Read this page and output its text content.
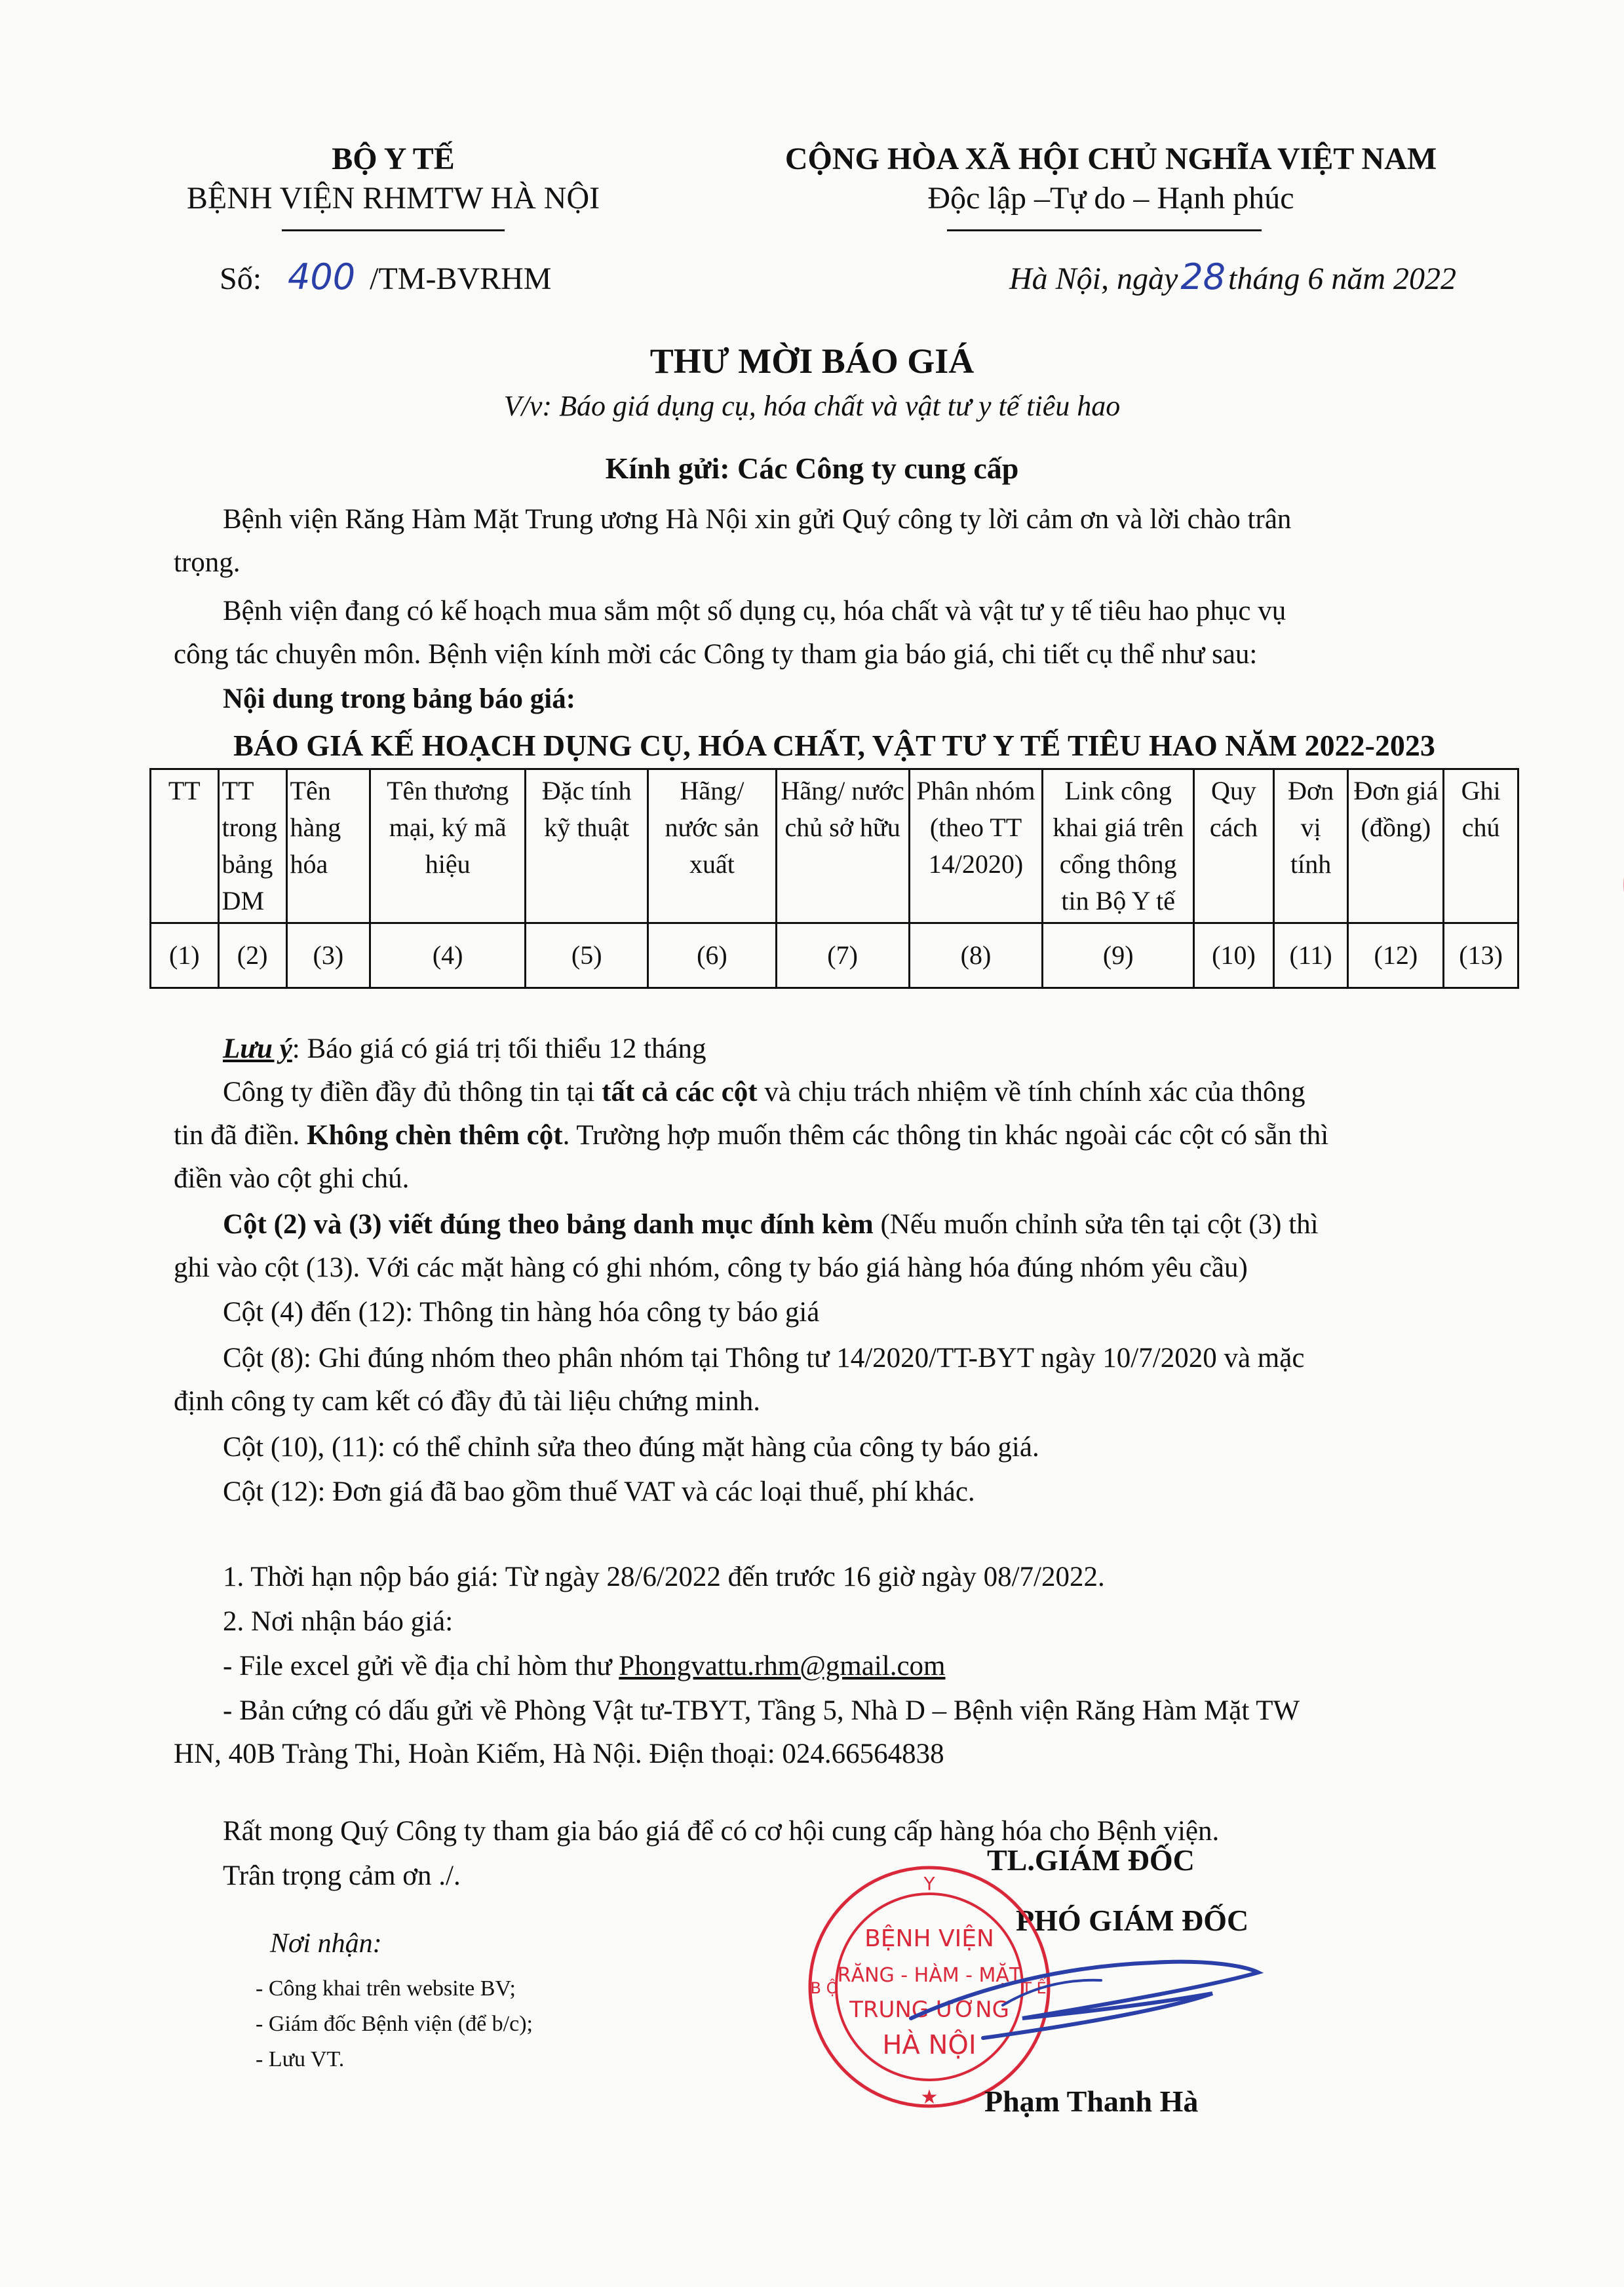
BỘ Y TẾ
BỆNH VIỆN RHMTW HÀ NỘI
Số: 400 /TM-BVRHM
CỘNG HÒA XÃ HỘI CHỦ NGHĨA VIỆT NAM
Độc lập –Tự do – Hạnh phúc
Hà Nội, ngày28tháng 6 năm 2022
THƯ MỜI BÁO GIÁ
V/v: Báo giá dụng cụ, hóa chất và vật tư y tế tiêu hao
Kính gửi: Các Công ty cung cấp
Bệnh viện Răng Hàm Mặt Trung ương Hà Nội xin gửi Quý công ty lời cảm ơn và lời chào trân
trọng.
Bệnh viện đang có kế hoạch mua sắm một số dụng cụ, hóa chất và vật tư y tế tiêu hao phục vụ
công tác chuyên môn. Bệnh viện kính mời các Công ty tham gia báo giá, chi tiết cụ thể như sau:
Nội dung trong bảng báo giá:
BÁO GIÁ KẾ HOẠCH DỤNG CỤ, HÓA CHẤT, VẬT TƯ Y TẾ TIÊU HAO NĂM 2022-2023
TT	TT trong bảng DM	Tên hàng hóa	Tên thương mại, ký mã hiệu	Đặc tính kỹ thuật	Hãng/ nước sản xuất	Hãng/ nước chủ sở hữu	Phân nhóm (theo TT 14/2020)	Link công khai giá trên cổng thông tin Bộ Y tế	Quy cách	Đơn vị tính	Đơn giá (đồng)	Ghi chú
(1)	(2)	(3)	(4)	(5)	(6)	(7)	(8)	(9)	(10)	(11)	(12)	(13)
Lưu ý: Báo giá có giá trị tối thiểu 12 tháng
Công ty điền đầy đủ thông tin tại tất cả các cột và chịu trách nhiệm về tính chính xác của thông
tin đã điền. Không chèn thêm cột. Trường hợp muốn thêm các thông tin khác ngoài các cột có sẵn thì
điền vào cột ghi chú.
Cột (2) và (3) viết đúng theo bảng danh mục đính kèm (Nếu muốn chỉnh sửa tên tại cột (3) thì
ghi vào cột (13). Với các mặt hàng có ghi nhóm, công ty báo giá hàng hóa đúng nhóm yêu cầu)
Cột (4) đến (12): Thông tin hàng hóa công ty báo giá
Cột (8): Ghi đúng nhóm theo phân nhóm tại Thông tư 14/2020/TT-BYT ngày 10/7/2020 và mặc
định công ty cam kết có đầy đủ tài liệu chứng minh.
Cột (10), (11): có thể chỉnh sửa theo đúng mặt hàng của công ty báo giá.
Cột (12): Đơn giá đã bao gồm thuế VAT và các loại thuế, phí khác.
1. Thời hạn nộp báo giá: Từ ngày 28/6/2022 đến trước 16 giờ ngày 08/7/2022.
2. Nơi nhận báo giá:
- File excel gửi về địa chỉ hòm thư Phongvattu.rhm@gmail.com
- Bản cứng có dấu gửi về Phòng Vật tư-TBYT, Tầng 5, Nhà D – Bệnh viện Răng Hàm Mặt TW
HN, 40B Tràng Thi, Hoàn Kiếm, Hà Nội. Điện thoại: 024.66564838
Rất mong Quý Công ty tham gia báo giá để có cơ hội cung cấp hàng hóa cho Bệnh viện.
Trân trọng cảm ơn ./.
Nơi nhận:
- Công khai trên website BV;
- Giám đốc Bệnh viện (để b/c);
- Lưu VT.
TL.GIÁM ĐỐC
PHÓ GIÁM ĐỐC
Y
B Ộ	T Ế
BỆNH VIỆN
RĂNG - HÀM - MẶT
TRUNG ƯƠNG
HÀ NỘI
★ Phạm Thanh Hà
